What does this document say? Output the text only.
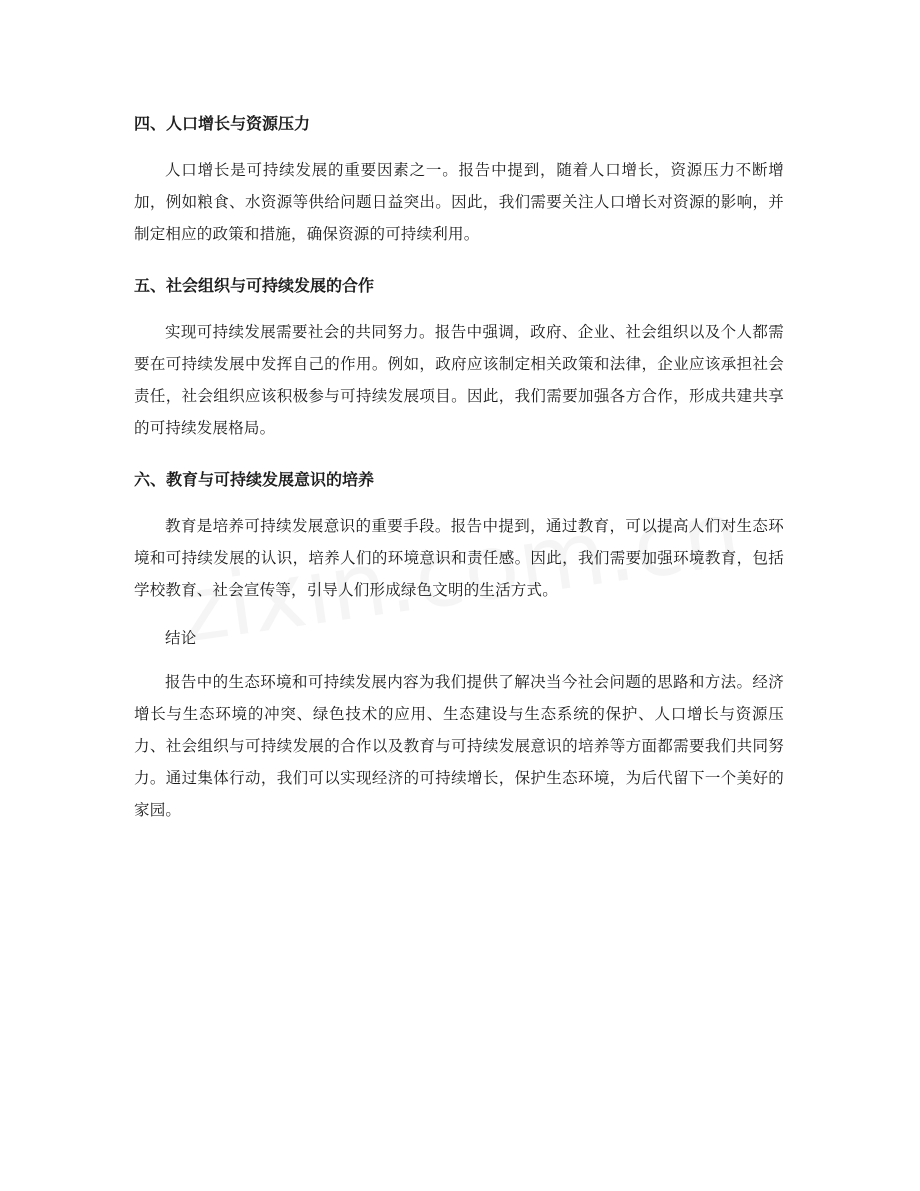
四、人口增长与资源压力

人口增长是可持续发展的重要因素之一。报告中提到，随着人口增长，资源压力不断增加，例如粮食、水资源等供给问题日益突出。因此，我们需要关注人口增长对资源的影响，并制定相应的政策和措施，确保资源的可持续利用。

五、社会组织与可持续发展的合作

实现可持续发展需要社会的共同努力。报告中强调，政府、企业、社会组织以及个人都需要在可持续发展中发挥自己的作用。例如，政府应该制定相关政策和法律，企业应该承担社会责任，社会组织应该积极参与可持续发展项目。因此，我们需要加强各方合作，形成共建共享的可持续发展格局。

六、教育与可持续发展意识的培养

教育是培养可持续发展意识的重要手段。报告中提到，通过教育，可以提高人们对生态环境和可持续发展的认识，培养人们的环境意识和责任感。因此，我们需要加强环境教育，包括学校教育、社会宣传等，引导人们形成绿色文明的生活方式。

结论

报告中的生态环境和可持续发展内容为我们提供了解决当今社会问题的思路和方法。经济增长与生态环境的冲突、绿色技术的应用、生态建设与生态系统的保护、人口增长与资源压力、社会组织与可持续发展的合作以及教育与可持续发展意识的培养等方面都需要我们共同努力。通过集体行动，我们可以实现经济的可持续增长，保护生态环境，为后代留下一个美好的家园。
